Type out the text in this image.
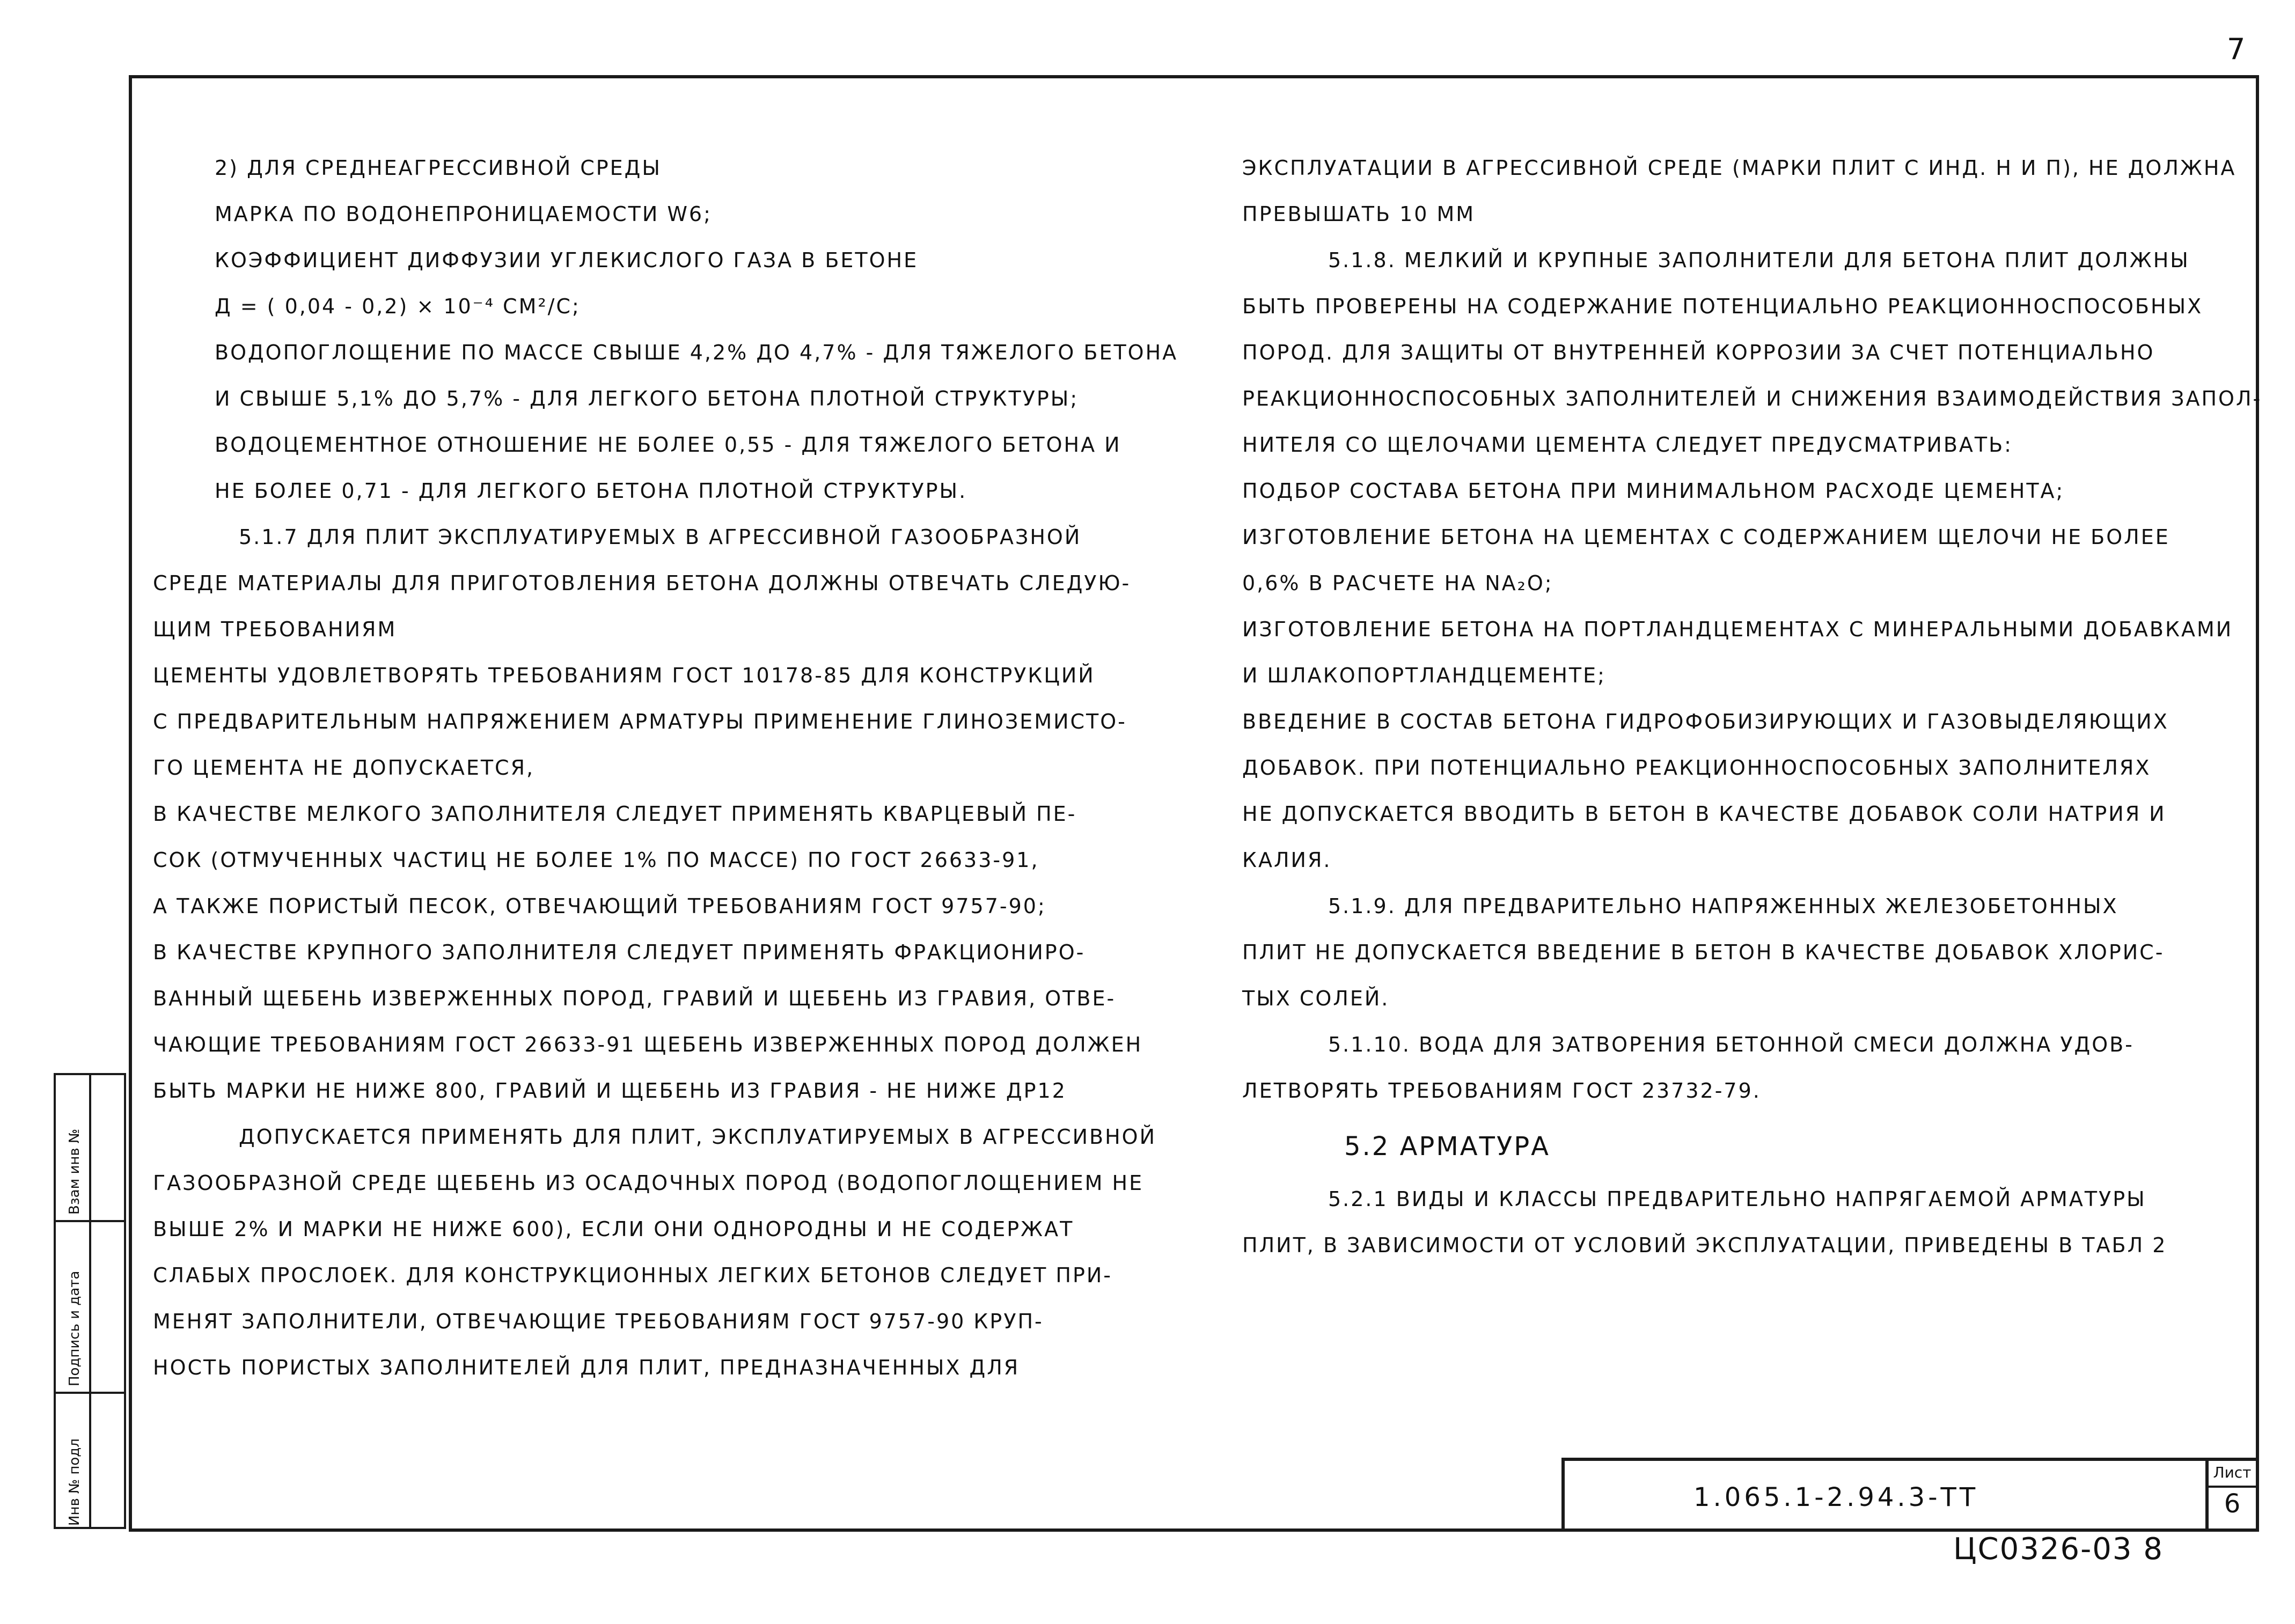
7

2) ДЛЯ СРЕДНЕАГРЕССИВНОЙ СРЕДЫ

МАРКА ПО ВОДОНЕПРОНИЦАЕМОСТИ W6;

КОЭФФИЦИЕНТ ДИФФУЗИИ УГЛЕКИСЛОГО ГАЗА В БЕТОНЕ

Д = ( 0,04 - 0,2) × 10⁻⁴ СМ²/С;

ВОДОПОГЛОЩЕНИЕ ПО МАССЕ СВЫШЕ 4,2% ДО 4,7% - ДЛЯ ТЯЖЕЛОГО БЕТОНА

И СВЫШЕ 5,1% ДО 5,7% - ДЛЯ ЛЕГКОГО БЕТОНА ПЛОТНОЙ СТРУКТУРЫ;

ВОДОЦЕМЕНТНОЕ ОТНОШЕНИЕ НЕ БОЛЕЕ 0,55 - ДЛЯ ТЯЖЕЛОГО БЕТОНА И

НЕ БОЛЕЕ 0,71 - ДЛЯ ЛЕГКОГО БЕТОНА ПЛОТНОЙ СТРУКТУРЫ.

5.1.7 ДЛЯ ПЛИТ ЭКСПЛУАТИРУЕМЫХ В АГРЕССИВНОЙ ГАЗООБРАЗНОЙ

СРЕДЕ МАТЕРИАЛЫ ДЛЯ ПРИГОТОВЛЕНИЯ БЕТОНА ДОЛЖНЫ ОТВЕЧАТЬ СЛЕДУЮ-

ЩИМ ТРЕБОВАНИЯМ

ЦЕМЕНТЫ УДОВЛЕТВОРЯТЬ ТРЕБОВАНИЯМ ГОСТ 10178-85 ДЛЯ КОНСТРУКЦИЙ

С ПРЕДВАРИТЕЛЬНЫМ НАПРЯЖЕНИЕМ АРМАТУРЫ ПРИМЕНЕНИЕ ГЛИНОЗЕМИСТО-

ГО ЦЕМЕНТА НЕ ДОПУСКАЕТСЯ,

В КАЧЕСТВЕ МЕЛКОГО ЗАПОЛНИТЕЛЯ СЛЕДУЕТ ПРИМЕНЯТЬ КВАРЦЕВЫЙ ПЕ-

СОК (ОТМУЧЕННЫХ ЧАСТИЦ НЕ БОЛЕЕ 1% ПО МАССЕ) ПО ГОСТ 26633-91,

А ТАКЖЕ ПОРИСТЫЙ ПЕСОК, ОТВЕЧАЮЩИЙ ТРЕБОВАНИЯМ ГОСТ 9757-90;

В КАЧЕСТВЕ КРУПНОГО ЗАПОЛНИТЕЛЯ СЛЕДУЕТ ПРИМЕНЯТЬ ФРАКЦИОНИРО-

ВАННЫЙ ЩЕБЕНЬ ИЗВЕРЖЕННЫХ ПОРОД, ГРАВИЙ И ЩЕБЕНЬ ИЗ ГРАВИЯ, ОТВЕ-

ЧАЮЩИЕ ТРЕБОВАНИЯМ ГОСТ 26633-91 ЩЕБЕНЬ ИЗВЕРЖЕННЫХ ПОРОД ДОЛЖЕН

БЫТЬ МАРКИ НЕ НИЖЕ 800, ГРАВИЙ И ЩЕБЕНЬ ИЗ ГРАВИЯ - НЕ НИЖЕ ДР12

ДОПУСКАЕТСЯ ПРИМЕНЯТЬ ДЛЯ ПЛИТ, ЭКСПЛУАТИРУЕМЫХ В АГРЕССИВНОЙ

ГАЗООБРАЗНОЙ СРЕДЕ ЩЕБЕНЬ ИЗ ОСАДОЧНЫХ ПОРОД (ВОДОПОГЛОЩЕНИЕМ НЕ

ВЫШЕ 2% И МАРКИ НЕ НИЖЕ 600), ЕСЛИ ОНИ ОДНОРОДНЫ И НЕ СОДЕРЖАТ

СЛАБЫХ ПРОСЛОЕК. ДЛЯ КОНСТРУКЦИОННЫХ ЛЕГКИХ БЕТОНОВ СЛЕДУЕТ ПРИ-

МЕНЯТ ЗАПОЛНИТЕЛИ, ОТВЕЧАЮЩИЕ ТРЕБОВАНИЯМ ГОСТ 9757-90 КРУП-

НОСТЬ ПОРИСТЫХ ЗАПОЛНИТЕЛЕЙ ДЛЯ ПЛИТ, ПРЕДНАЗНАЧЕННЫХ ДЛЯ

ЭКСПЛУАТАЦИИ В АГРЕССИВНОЙ СРЕДЕ (МАРКИ ПЛИТ С ИНД. Н И П), НЕ ДОЛЖНА

ПРЕВЫШАТЬ 10 ММ

5.1.8. МЕЛКИЙ И КРУПНЫЕ ЗАПОЛНИТЕЛИ ДЛЯ БЕТОНА ПЛИТ ДОЛЖНЫ

БЫТЬ ПРОВЕРЕНЫ НА СОДЕРЖАНИЕ ПОТЕНЦИАЛЬНО РЕАКЦИОННОСПОСОБНЫХ

ПОРОД. ДЛЯ ЗАЩИТЫ ОТ ВНУТРЕННЕЙ КОРРОЗИИ ЗА СЧЕТ ПОТЕНЦИАЛЬНО

РЕАКЦИОННОСПОСОБНЫХ ЗАПОЛНИТЕЛЕЙ И СНИЖЕНИЯ ВЗАИМОДЕЙСТВИЯ ЗАПОЛ-

НИТЕЛЯ СО ЩЕЛОЧАМИ ЦЕМЕНТА СЛЕДУЕТ ПРЕДУСМАТРИВАТЬ:

ПОДБОР СОСТАВА БЕТОНА ПРИ МИНИМАЛЬНОМ РАСХОДЕ ЦЕМЕНТА;

ИЗГОТОВЛЕНИЕ БЕТОНА НА ЦЕМЕНТАХ С СОДЕРЖАНИЕМ ЩЕЛОЧИ НЕ БОЛЕЕ

0,6% В РАСЧЕТЕ НА NA₂O;

ИЗГОТОВЛЕНИЕ БЕТОНА НА ПОРТЛАНДЦЕМЕНТАХ С МИНЕРАЛЬНЫМИ ДОБАВКАМИ

И ШЛАКОПОРТЛАНДЦЕМЕНТЕ;

ВВЕДЕНИЕ В СОСТАВ БЕТОНА ГИДРОФОБИЗИРУЮЩИХ И ГАЗОВЫДЕЛЯЮЩИХ

ДОБАВОК. ПРИ ПОТЕНЦИАЛЬНО РЕАКЦИОННОСПОСОБНЫХ ЗАПОЛНИТЕЛЯХ

НЕ ДОПУСКАЕТСЯ ВВОДИТЬ В БЕТОН В КАЧЕСТВЕ ДОБАВОК СОЛИ НАТРИЯ И

КАЛИЯ.

5.1.9. ДЛЯ ПРЕДВАРИТЕЛЬНО НАПРЯЖЕННЫХ ЖЕЛЕЗОБЕТОННЫХ

ПЛИТ НЕ ДОПУСКАЕТСЯ ВВЕДЕНИЕ В БЕТОН В КАЧЕСТВЕ ДОБАВОК ХЛОРИС-

ТЫХ СОЛЕЙ.

5.1.10. ВОДА ДЛЯ ЗАТВОРЕНИЯ БЕТОННОЙ СМЕСИ ДОЛЖНА УДОВ-

ЛЕТВОРЯТЬ ТРЕБОВАНИЯМ ГОСТ 23732-79.

5.2 АРМАТУРА

5.2.1 ВИДЫ И КЛАССЫ ПРЕДВАРИТЕЛЬНО НАПРЯГАЕМОЙ АРМАТУРЫ

ПЛИТ, В ЗАВИСИМОСТИ ОТ УСЛОВИЙ ЭКСПЛУАТАЦИИ, ПРИВЕДЕНЫ В ТАБЛ 2

Взам инв №
Подпись и дата
Инв № подл	1.065.1-2.94.3-ТТ
Лист
6
ЦС0326-03 8
